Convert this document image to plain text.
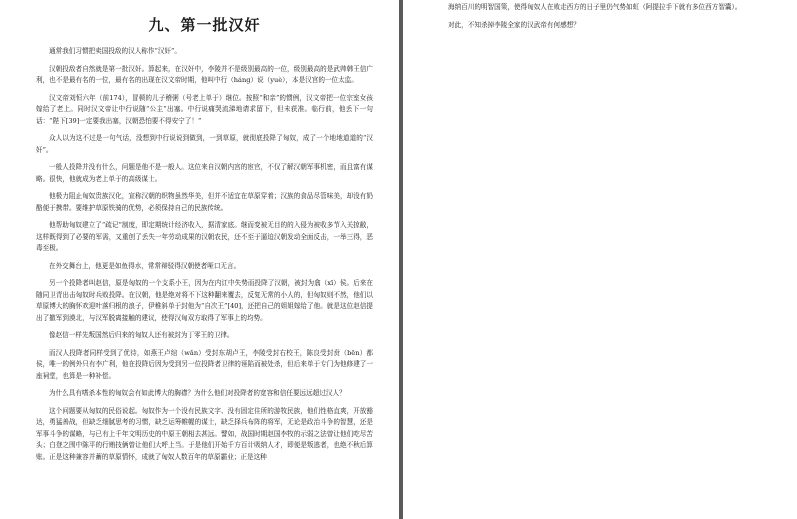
九、第一批汉奸

通常我们习惯把卖国投敌的汉人称作“汉奸”。

汉朝投敌者自然就是第一批汉奸。算起来，在汉奸中，李陵并不是级别最高的一位，级别最高的是武帅韩王信广利，也不是最有名的一位，最有名的出现在汉文帝时期，他叫中行（háng）说（yuè），本是汉宫的一位太监。

汉文帝刘恒六年（前174），冒顿的儿子稽粥（号老上单于）继位。按照“和亲”的惯例，汉文帝把一位宗室女孩嫁给了老上。同时汉文帝让中行说随“公主”出塞。中行说痛哭流涕地请求留下，但未获准。临行前，他丢下一句话：“陛下[39]一定要我出塞，汉朝恐怕要不得安宁了！”

众人以为这不过是一句气话，没想到中行说说到做到，一到草原，就彻底投降了匈奴，成了一个地地道道的“汉奸”。

一般人投降并没有什么，问题是他不是一般人。这位来自汉朝内宫的宦官，不仅了解汉朝军事机密，而且富有谋略。很快，他就成为老上单于的高级谋士。

他极力阻止匈奴贵族汉化，宣称汉朝的织物虽然华美，但并不适宜在草原穿着；汉族的食品尽管味美，却没有奶酪便于携带。要维护草原铁骑的优势，必须保持自己的民族传统。

他帮助匈奴建立了“疏记”制度，即定期统计经济收入，据清家底。继而变被无目的的入侵为被收多节入关掠敝，这样既得到了必要的军需，又重创了丢失一年劳动成果的汉朝农民，还不至于逼迫汉朝发动全面反击，一举三得，恶毒至极。

在外交舞台上，他更是如鱼得水，常常辩驳得汉朝使者哑口无言。

另一个投降者叫赵信，原是匈奴的一个支系小王，因为在内讧中失势而投降了汉朝，被封为翕（xī）侯。后来在随同卫青出击匈奴时兵败投降。在汉朝，他是绝对将不下这种翻来覆去，反复无常的小人的，但匈奴则不然，他们以草原博大的胸怀欢迎叶落归根的浪子，伊稚斜单于封他为“自次王”[40]，还把自己的姐姐嫁给了他。就是这位赵信提出了撤军到漠北，与汉军脱离接触的建议，使得汉匈双方取得了军事上的均势。

像赵信一样先叛国然后归来的匈奴人还有被封为丁零王的卫律。

而汉人投降者同样受到了优待，如燕王卢绾（wǎn）受封东胡卢王，李陵受封右校王，陈良受封贲（bēn）都侯，唯一的例外只有李广利，他在投降后因为受到另一位投降者卫律的诬陷而被处杀，但后来单于专门为他修建了一座祠堂，也算是一种补偿。

为什么具有嗜杀本性的匈奴会有如此博大的胸襟？为什么他们对投降者的宽容和信任要远远超过汉人？

这个问题要从匈奴的民俗说起。匈奴作为一个没有民族文字、没有固定住所的游牧民族，他们性格直爽，开放豁达，勇猛善战，但缺乏细腻思考的习惯，缺乏运筹帷幄的谋士，缺乏择兵布阵的将军，无论是政治斗争的智慧，还是军事斗争的谋略，与已有上千年文明历史的中原王朝相去甚远。譬如，战国时期赵国李牧的示弱之法曾让他们吃尽苦头；白登之围中陈平的行贿技俩曾让他们大呼上当。于是他们开始千方百计吸纳人才，即便是叛逃者，也绝不秋后算账。正是这种兼容并蓄的草原情怀，成就了匈奴人数百年的草原霸业；正是这种

海纳百川的明智国策，使得匈奴人在败走西方的日子里仍气势如虹（阿提拉手下就有多位西方智囊）。

对此，不知杀掉李陵全家的汉武帝有何感想？
